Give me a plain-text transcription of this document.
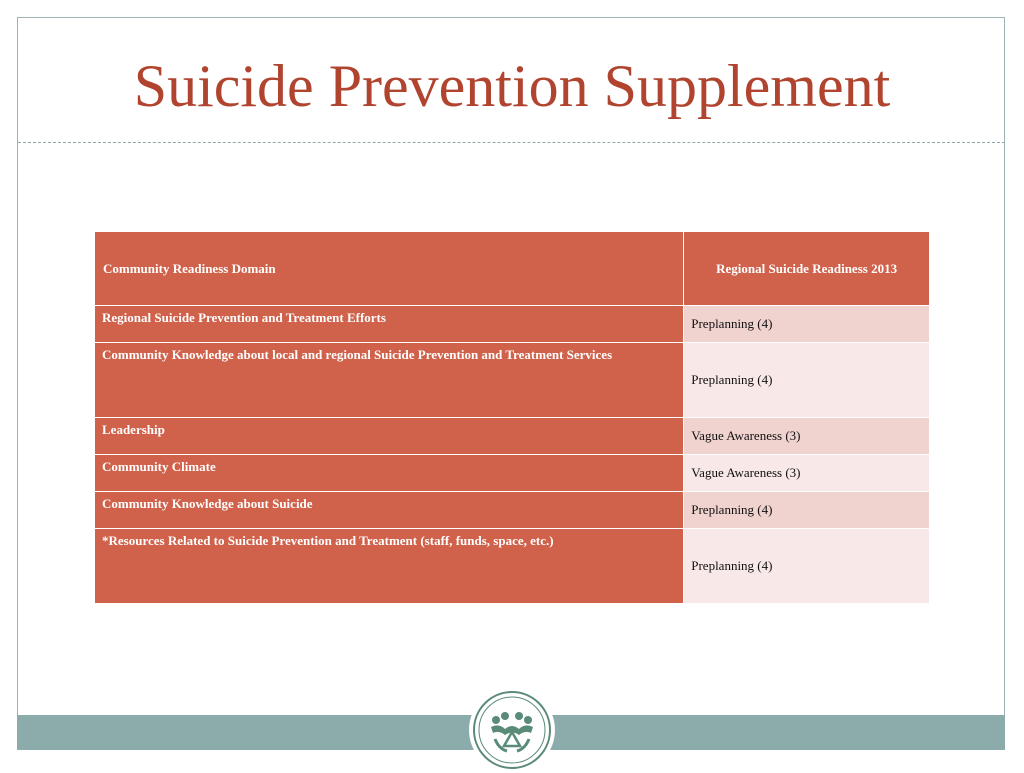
Suicide Prevention Supplement
Community Readiness Domain	Regional Suicide Readiness 2013
Regional Suicide Prevention and Treatment Efforts	Preplanning (4)
Community Knowledge about local and regional Suicide Prevention and Treatment Services	Preplanning (4)
Leadership	Vague Awareness (3)
Community Climate	Vague Awareness (3)
Community Knowledge about Suicide	Preplanning (4)
*Resources Related to Suicide Prevention and Treatment (staff, funds, space, etc.)	Preplanning (4)
